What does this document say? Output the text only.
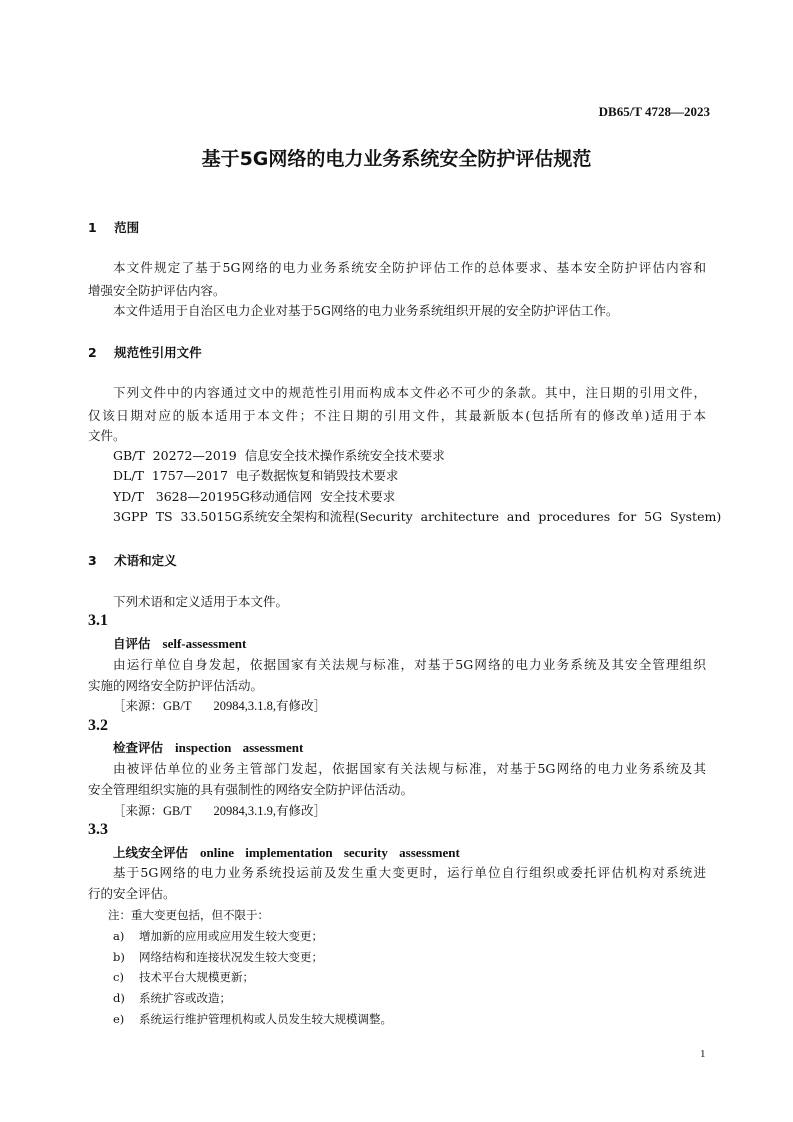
DB65/T 4728—2023
基于5G网络的电力业务系统安全防护评估规范
1 范围
本文件规定了基于5G网络的电力业务系统安全防护评估工作的总体要求、基本安全防护评估内容和
增强安全防护评估内容。
本文件适用于自治区电力企业对基于5G网络的电力业务系统组织开展的安全防护评估工作。
2 规范性引用文件
下列文件中的内容通过文中的规范性引用而构成本文件必不可少的条款。其中，注日期的引用文件，
仅该日期对应的版本适用于本文件；不注日期的引用文件，其最新版本(包括所有的修改单)适用于本
文件。
GB/T  20272—2019  信息安全技术操作系统安全技术要求
DL/T  1757—2017  电子数据恢复和销毁技术要求
YD/T   3628—20195G移动通信网  安全技术要求
3GPP  TS  33.5015G系统安全架构和流程(Security  architecture  and  procedures  for  5G  System)
3 术语和定义
下列术语和定义适用于本文件。
3.1
自评估 self-assessment
由运行单位自身发起，依据国家有关法规与标准，对基于5G网络的电力业务系统及其安全管理组织
实施的网络安全防护评估活动。
［来源：GB/T 20984,3.1.8,有修改］
3.2
检查评估 inspection assessment
由被评估单位的业务主管部门发起，依据国家有关法规与标准，对基于5G网络的电力业务系统及其
安全管理组织实施的具有强制性的网络安全防护评估活动。
［来源：GB/T 20984,3.1.9,有修改］
3.3
上线安全评估 online implementation security assessment
基于5G网络的电力业务系统投运前及发生重大变更时，运行单位自行组织或委托评估机构对系统进
行的安全评估。
注：重大变更包括，但不限于：
a) 增加新的应用或应用发生较大变更；
b) 网络结构和连接状况发生较大变更；
c) 技术平台大规模更新；
d) 系统扩容或改造；
e) 系统运行维护管理机构或人员发生较大规模调整。
1
